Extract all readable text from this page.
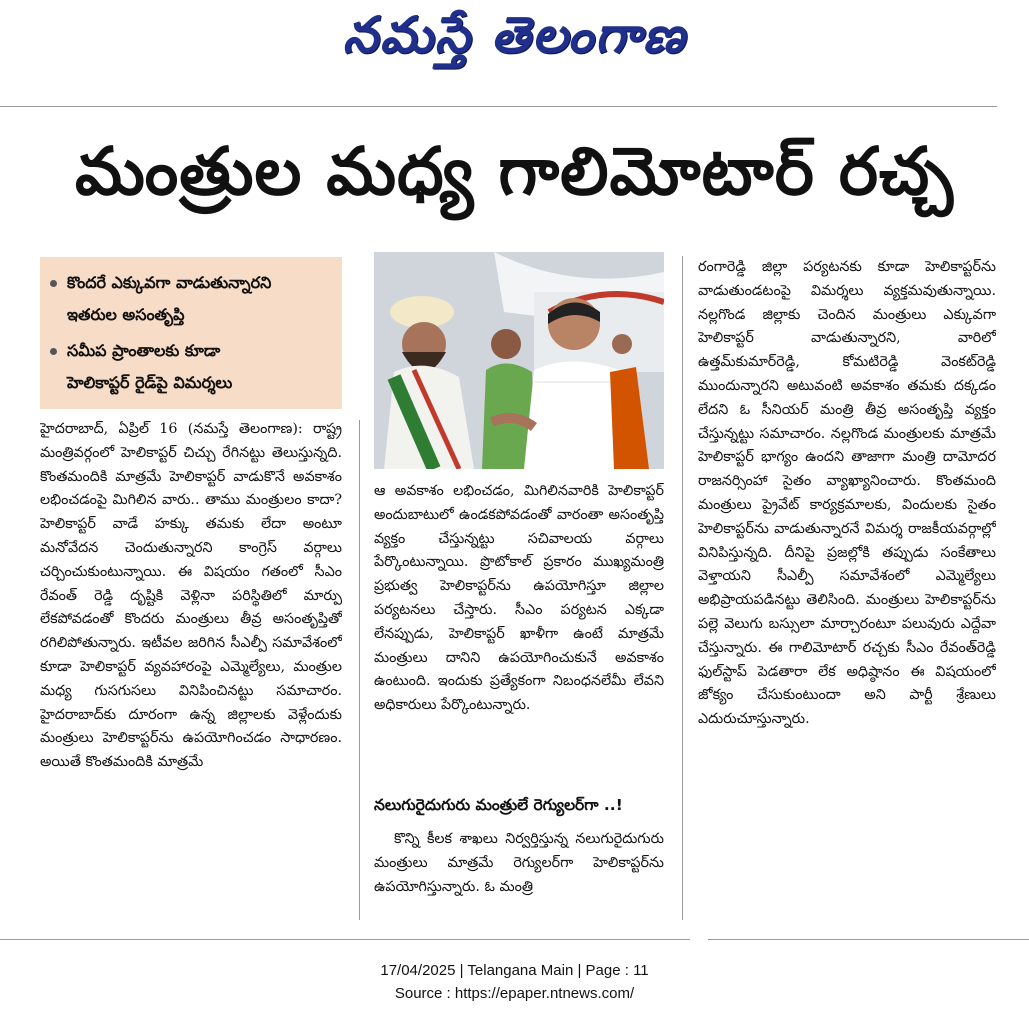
నమస్తే తెలంగాణ
మంత్రుల మధ్య గాలిమోటార్ రచ్చ
కొందరే ఎక్కువగా వాడుతున్నారని
ఇతరుల అసంతృప్తి
సమీప ప్రాంతాలకు కూడా
హెలికాప్టర్ రైడ్‌పై విమర్శలు

హైదరాబాద్, ఏప్రిల్ 16 (నమస్తే తెలంగాణ): రాష్ట్ర మంత్రివర్గంలో హెలికాప్టర్ చిచ్చు రేగినట్టు తెలుస్తున్నది. కొంతమందికి మాత్రమే హెలికాప్టర్ వాడుకొనే అవకాశం లభించడంపై మిగిలిన వారు.. తాము మంత్రులం కాదా? హెలికాప్టర్ వాడే హక్కు తమకు లేదా అంటూ మనోవేదన చెందుతున్నారని కాంగ్రెస్ వర్గాలు చర్చించుకుంటున్నాయి. ఈ విషయం గతంలో సీఎం రేవంత్ రెడ్డి దృష్టికి వెళ్లినా పరిస్థితిలో మార్పు లేకపోవడంతో కొందరు మంత్రులు తీవ్ర అసంతృప్తితో రగిలిపోతున్నారు. ఇటీవల జరిగిన సీఎల్పీ సమావేశంలో కూడా హెలికాప్టర్ వ్యవహారంపై ఎమ్మెల్యేలు, మంత్రుల మధ్య గుసగుసలు వినిపించినట్టు సమాచారం. హైదరాబాద్‌కు దూరంగా ఉన్న జిల్లాలకు వెళ్లేందుకు మంత్రులు హెలికాప్టర్‌ను ఉపయోగించడం సాధారణం. అయితే కొంతమందికి మాత్రమే

ఆ అవకాశం లభించడం, మిగిలినవారికి హెలికాప్టర్ అందుబాటులో ఉండకపోవడంతో వారంతా అసంతృప్తి వ్యక్తం చేస్తున్నట్టు సచివాలయ వర్గాలు పేర్కొంటున్నాయి. ప్రొటోకాల్ ప్రకారం ముఖ్యమంత్రి ప్రభుత్వ హెలికాప్టర్‌ను ఉపయోగిస్తూ జిల్లాల పర్యటనలు చేస్తారు. సీఎం పర్యటన ఎక్కడా లేనప్పుడు, హెలికాప్టర్ ఖాళీగా ఉంటే మాత్రమే మంత్రులు దానిని ఉపయోగించుకునే అవకాశం ఉంటుంది. ఇందుకు ప్రత్యేకంగా నిబంధనలేమీ లేవని అధికారులు పేర్కొంటున్నారు.

నలుగురైదుగురు మంత్రులే రెగ్యులర్‌గా ..!

కొన్ని కీలక శాఖలు నిర్వర్తిస్తున్న నలుగురైదుగురు మంత్రులు మాత్రమే రెగ్యులర్‌గా హెలికాప్టర్‌ను ఉపయోగిస్తున్నారు. ఓ మంత్రి

రంగారెడ్డి జిల్లా పర్యటనకు కూడా హెలికాప్టర్‌ను వాడుతుండటంపై విమర్శలు వ్యక్తమవుతున్నాయి. నల్లగొండ జిల్లాకు చెందిన మంత్రులు ఎక్కువగా హెలికాప్టర్ వాడుతున్నారని, వారిలో ఉత్తమ్‌కుమార్‌రెడ్డి, కోమటిరెడ్డి వెంకట్‌రెడ్డి ముందున్నారని అటువంటి అవకాశం తమకు దక్కడం లేదని ఓ సీనియర్ మంత్రి తీవ్ర అసంతృప్తి వ్యక్తం చేస్తున్నట్టు సమాచారం. నల్లగొండ మంత్రులకు మాత్రమే హెలికాప్టర్ భాగ్యం ఉందని తాజాగా మంత్రి దామోదర రాజనర్సింహా సైతం వ్యాఖ్యానించారు. కొంతమంది మంత్రులు ప్రైవేట్ కార్యక్రమాలకు, విందులకు సైతం హెలికాప్టర్‌ను వాడుతున్నారనే విమర్శ రాజకీయవర్గాల్లో వినిపిస్తున్నది. దీనిపై ప్రజల్లోకి తప్పుడు సంకేతాలు వెళ్తాయని సీఎల్పీ సమావేశంలో ఎమ్మెల్యేలు అభిప్రాయపడినట్టు తెలిసింది. మంత్రులు హెలికాప్టర్‌ను పల్లె వెలుగు బస్సులా మార్చారంటూ పలువురు ఎద్దేవా చేస్తున్నారు. ఈ గాలిమోటార్ రచ్చకు సీఎం రేవంత్‌రెడ్డి ఫుల్‌స్టాప్ పెడతారా లేక అధిష్ఠానం ఈ విషయంలో జోక్యం చేసుకుంటుందా అని పార్టీ శ్రేణులు ఎదురుచూస్తున్నారు.

17/04/2025 | Telangana Main | Page : 11
Source : https://epaper.ntnews.com/
